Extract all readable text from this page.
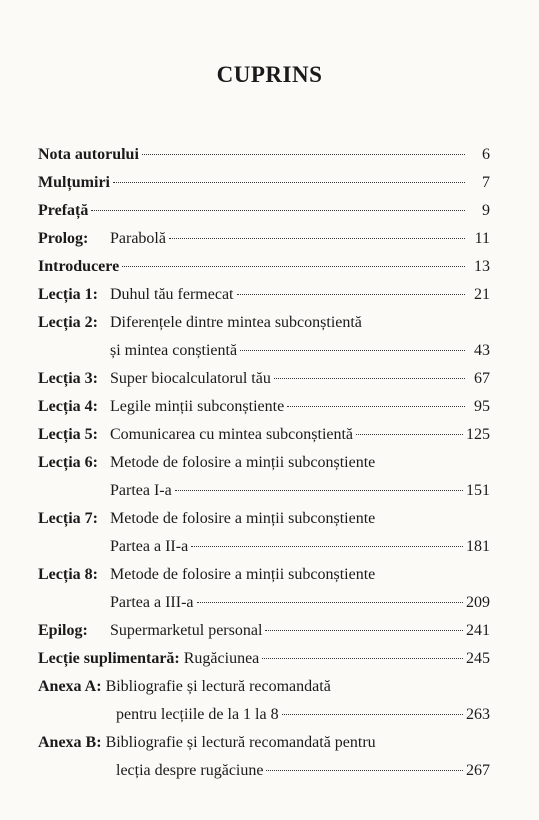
CUPRINS
Nota autorului	6
Mulțumiri	7
Prefață	9
Prolog:	Parabolă	11
Introducere	13
Lecția 1: Duhul tău fermecat	21
Lecția 2: Diferențele dintre mintea subconștientă
și mintea conștientă	43
Lecția 3: Super biocalculatorul tău	67
Lecția 4: Legile minții subconștiente	95
Lecția 5: Comunicarea cu mintea subconștientă	125
Lecția 6: Metode de folosire a minții subconștiente
Partea I-a	151
Lecția 7: Metode de folosire a minții subconștiente
Partea a II-a	181
Lecția 8: Metode de folosire a minții subconștiente
Partea a III-a	209
Epilog:	Supermarketul personal	241
Lecție suplimentară: Rugăciunea	245
Anexa A: Bibliografie și lectură recomandată
pentru lecțiile de la 1 la 8	263
Anexa B: Bibliografie și lectură recomandată pentru
lecția despre rugăciune	267
